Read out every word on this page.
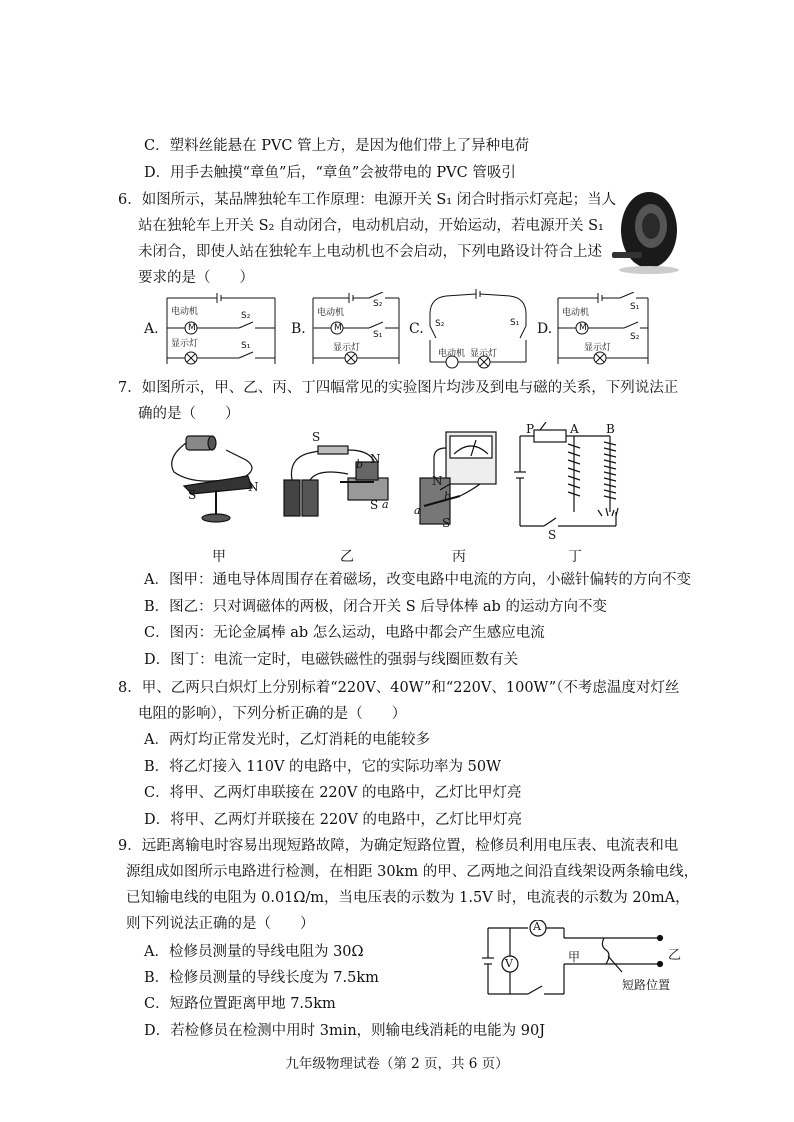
C．塑料丝能悬在 PVC 管上方，是因为他们带上了异种电荷
D．用手去触摸“章鱼”后，“章鱼”会被带电的 PVC 管吸引
6．如图所示，某品牌独轮车工作原理：电源开关 S₁ 闭合时指示灯亮起；当人
站在独轮车上开关 S₂ 自动闭合，电动机启动，开始运动，若电源开关 S₁
未闭合，即使人站在独轮车上电动机也不会启动，下列电路设计符合上述
要求的是（　　）
A.	B.	C.	D.
电动机
M
S₂
显示灯	S₁
电动机
M
S₂
S₁
显示灯
S₂	S₁
电动机 显示灯
电动机
M
S₁
S₂
显示灯
7．如图所示，甲、乙、丙、丁四幅常见的实验图片均涉及到电与磁的关系，下列说法正
确的是（　　）
S
N
S
N
b
S a
N
b
a
S
P	A B
S
甲	乙	丙	丁
A．图甲：通电导体周围存在着磁场，改变电路中电流的方向，小磁针偏转的方向不变
B．图乙：只对调磁体的两极，闭合开关 S 后导体棒 ab 的运动方向不变
C．图丙：无论金属棒 ab 怎么运动，电路中都会产生感应电流
D．图丁：电流一定时，电磁铁磁性的强弱与线圈匝数有关
8．甲、乙两只白炽灯上分别标着“220V、40W”和“220V、100W”（不考虑温度对灯丝
电阻的影响），下列分析正确的是（　　）
A．两灯均正常发光时，乙灯消耗的电能较多
B．将乙灯接入 110V 的电路中，它的实际功率为 50W
C．将甲、乙两灯串联接在 220V 的电路中，乙灯比甲灯亮
D．将甲、乙两灯并联接在 220V 的电路中，乙灯比甲灯亮
9．远距离输电时容易出现短路故障，为确定短路位置，检修员利用电压表、电流表和电
源组成如图所示电路进行检测，在相距 30km 的甲、乙两地之间沿直线架设两条输电线，
已知输电线的电阻为 0.01Ω/m，当电压表的示数为 1.5V 时，电流表的示数为 20mA，
则下列说法正确的是（　　）
A．检修员测量的导线电阻为 30Ω
B．检修员测量的导线长度为 7.5km
C．短路位置距离甲地 7.5km
D．若检修员在检测中用时 3min，则输电线消耗的电能为 90J
A
V	甲	乙
短路位置
九年级物理试卷（第 2 页，共 6 页）
